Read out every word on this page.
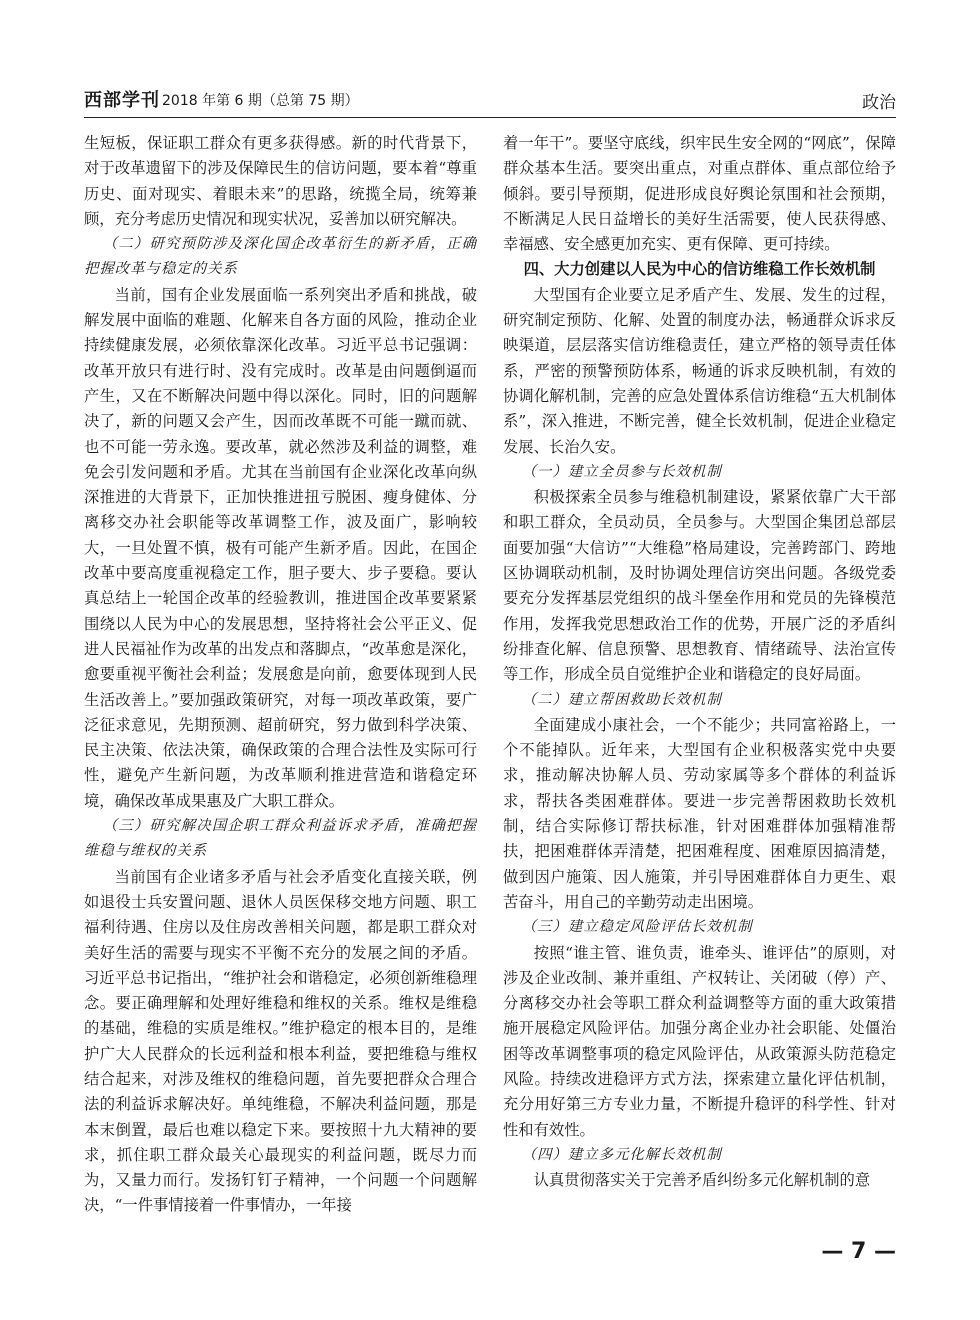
西部学刊 2018 年第 6 期（总第 75 期）	政治

生短板，保证职工群众有更多获得感。新的时代背景下，对于改革遗留下的涉及保障民生的信访问题，要本着“尊重历史、面对现实、着眼未来”的思路，统揽全局，统筹兼顾，充分考虑历史情况和现实状况，妥善加以研究解决。

（二）研究预防涉及深化国企改革衍生的新矛盾，正确把握改革与稳定的关系

当前，国有企业发展面临一系列突出矛盾和挑战，破解发展中面临的难题、化解来自各方面的风险，推动企业持续健康发展，必须依靠深化改革。习近平总书记强调：改革开放只有进行时、没有完成时。改革是由问题倒逼而产生，又在不断解决问题中得以深化。同时，旧的问题解决了，新的问题又会产生，因而改革既不可能一蹴而就、也不可能一劳永逸。要改革，就必然涉及利益的调整，难免会引发问题和矛盾。尤其在当前国有企业深化改革向纵深推进的大背景下，正加快推进扭亏脱困、瘦身健体、分离移交办社会职能等改革调整工作，波及面广，影响较大，一旦处置不慎，极有可能产生新矛盾。因此，在国企改革中要高度重视稳定工作，胆子要大、步子要稳。要认真总结上一轮国企改革的经验教训，推进国企改革要紧紧围绕以人民为中心的发展思想，坚持将社会公平正义、促进人民福祉作为改革的出发点和落脚点，“改革愈是深化，愈要重视平衡社会利益；发展愈是向前，愈要体现到人民生活改善上。”要加强政策研究，对每一项改革政策，要广泛征求意见，先期预测、超前研究，努力做到科学决策、民主决策、依法决策，确保政策的合理合法性及实际可行性，避免产生新问题，为改革顺利推进营造和谐稳定环境，确保改革成果惠及广大职工群众。

（三）研究解决国企职工群众利益诉求矛盾，准确把握维稳与维权的关系

当前国有企业诸多矛盾与社会矛盾变化直接关联，例如退役士兵安置问题、退休人员医保移交地方问题、职工福利待遇、住房以及住房改善相关问题，都是职工群众对美好生活的需要与现实不平衡不充分的发展之间的矛盾。习近平总书记指出，“维护社会和谐稳定，必须创新维稳理念。要正确理解和处理好维稳和维权的关系。维权是维稳的基础，维稳的实质是维权。”维护稳定的根本目的，是维护广大人民群众的长远利益和根本利益，要把维稳与维权结合起来，对涉及维权的维稳问题，首先要把群众合理合法的利益诉求解决好。单纯维稳，不解决利益问题，那是本末倒置，最后也难以稳定下来。要按照十九大精神的要求，抓住职工群众最关心最现实的利益问题，既尽力而为，又量力而行。发扬钉钉子精神，一个问题一个问题解决，“一件事情接着一件事情办，一年接

着一年干”。要坚守底线，织牢民生安全网的“网底”，保障群众基本生活。要突出重点，对重点群体、重点部位给予倾斜。要引导预期，促进形成良好舆论氛围和社会预期，不断满足人民日益增长的美好生活需要，使人民获得感、幸福感、安全感更加充实、更有保障、更可持续。

四、大力创建以人民为中心的信访维稳工作长效机制

大型国有企业要立足矛盾产生、发展、发生的过程，研究制定预防、化解、处置的制度办法，畅通群众诉求反映渠道，层层落实信访维稳责任，建立严格的领导责任体系，严密的预警预防体系，畅通的诉求反映机制，有效的协调化解机制，完善的应急处置体系信访维稳“五大机制体系”，深入推进，不断完善，健全长效机制，促进企业稳定发展、长治久安。

（一）建立全员参与长效机制

积极探索全员参与维稳机制建设，紧紧依靠广大干部和职工群众，全员动员，全员参与。大型国企集团总部层面要加强“大信访”“大维稳”格局建设，完善跨部门、跨地区协调联动机制，及时协调处理信访突出问题。各级党委要充分发挥基层党组织的战斗堡垒作用和党员的先锋模范作用，发挥我党思想政治工作的优势，开展广泛的矛盾纠纷排查化解、信息预警、思想教育、情绪疏导、法治宣传等工作，形成全员自觉维护企业和谐稳定的良好局面。

（二）建立帮困救助长效机制

全面建成小康社会，一个不能少；共同富裕路上，一个不能掉队。近年来，大型国有企业积极落实党中央要求，推动解决协解人员、劳动家属等多个群体的利益诉求，帮扶各类困难群体。要进一步完善帮困救助长效机制，结合实际修订帮扶标准，针对困难群体加强精准帮扶，把困难群体弄清楚，把困难程度、困难原因搞清楚，做到因户施策、因人施策，并引导困难群体自力更生、艰苦奋斗，用自己的辛勤劳动走出困境。

（三）建立稳定风险评估长效机制

按照“谁主管、谁负责，谁牵头、谁评估”的原则，对涉及企业改制、兼并重组、产权转让、关闭破（停）产、分离移交办社会等职工群众利益调整等方面的重大政策措施开展稳定风险评估。加强分离企业办社会职能、处僵治困等改革调整事项的稳定风险评估，从政策源头防范稳定风险。持续改进稳评方式方法，探索建立量化评估机制，充分用好第三方专业力量，不断提升稳评的科学性、针对性和有效性。

（四）建立多元化解长效机制

认真贯彻落实关于完善矛盾纠纷多元化解机制的意

— 7 —
